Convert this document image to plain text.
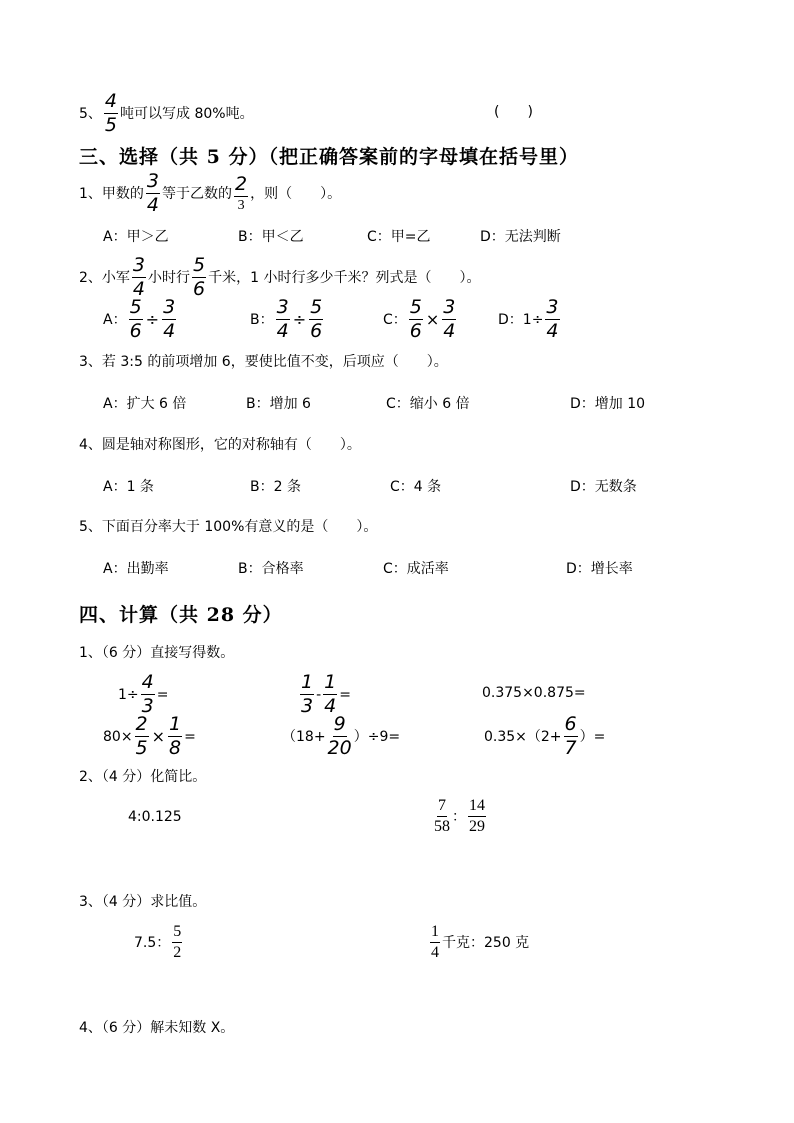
5、 $\frac{4}{5}$ 吨可以写成 80%吨。	(　　)
三、选择（共 5 分）（把正确答案前的字母填在括号里）
1、 甲数的 $\frac{3}{4}$ 等于乙数的 $\frac{2}{3}$ ，则（　　）。
A：甲＞乙	B：甲＜乙	C：甲=乙	D：无法判断
2、 小军 $\frac{3}{4}$ 小时行 $\frac{5}{6}$ 千米，1 小时行多少千米？列式是（　　）。
A： $\frac{5}{6} \div \frac{3}{4}$	B： $\frac{3}{4} \div \frac{5}{6}$	C： $\frac{5}{6} \times \frac{3}{4}$	D： $1\div \frac{3}{4}$
3、若 3:5 的前项增加 6，要使比值不变，后项应（　　）。
A：扩大 6 倍	B：增加 6	C：缩小 6 倍	D：增加 10
4、圆是轴对称图形，它的对称轴有（　　）。
A：1 条	B：2 条	C：4 条	D：无数条
5、下面百分率大于 100%有意义的是（　　）。
A：出勤率	B：合格率	C：成活率	D：增长率
四、计算（共 28 分）
1、（6 分）直接写得数。
$1\div \frac{4}{3}$ =	$\frac{1}{3} - \frac{1}{4}$ =	0.375×0.875=
$80\times \frac{2}{5} \times \frac{1}{8}$ =	$(18+ \frac{9}{20} )\div 9=$	$0.35\times(2+ \frac{6}{7}$ ）=
2、（4 分）化简比。
4:0.125	$\frac{7}{58}$ ： $\frac{14}{29}$
3、（4 分）求比值。
7.5： $\frac{5}{2}$	$\frac{1}{4}$ 千克：250 克
4、（6 分）解未知数 X。
